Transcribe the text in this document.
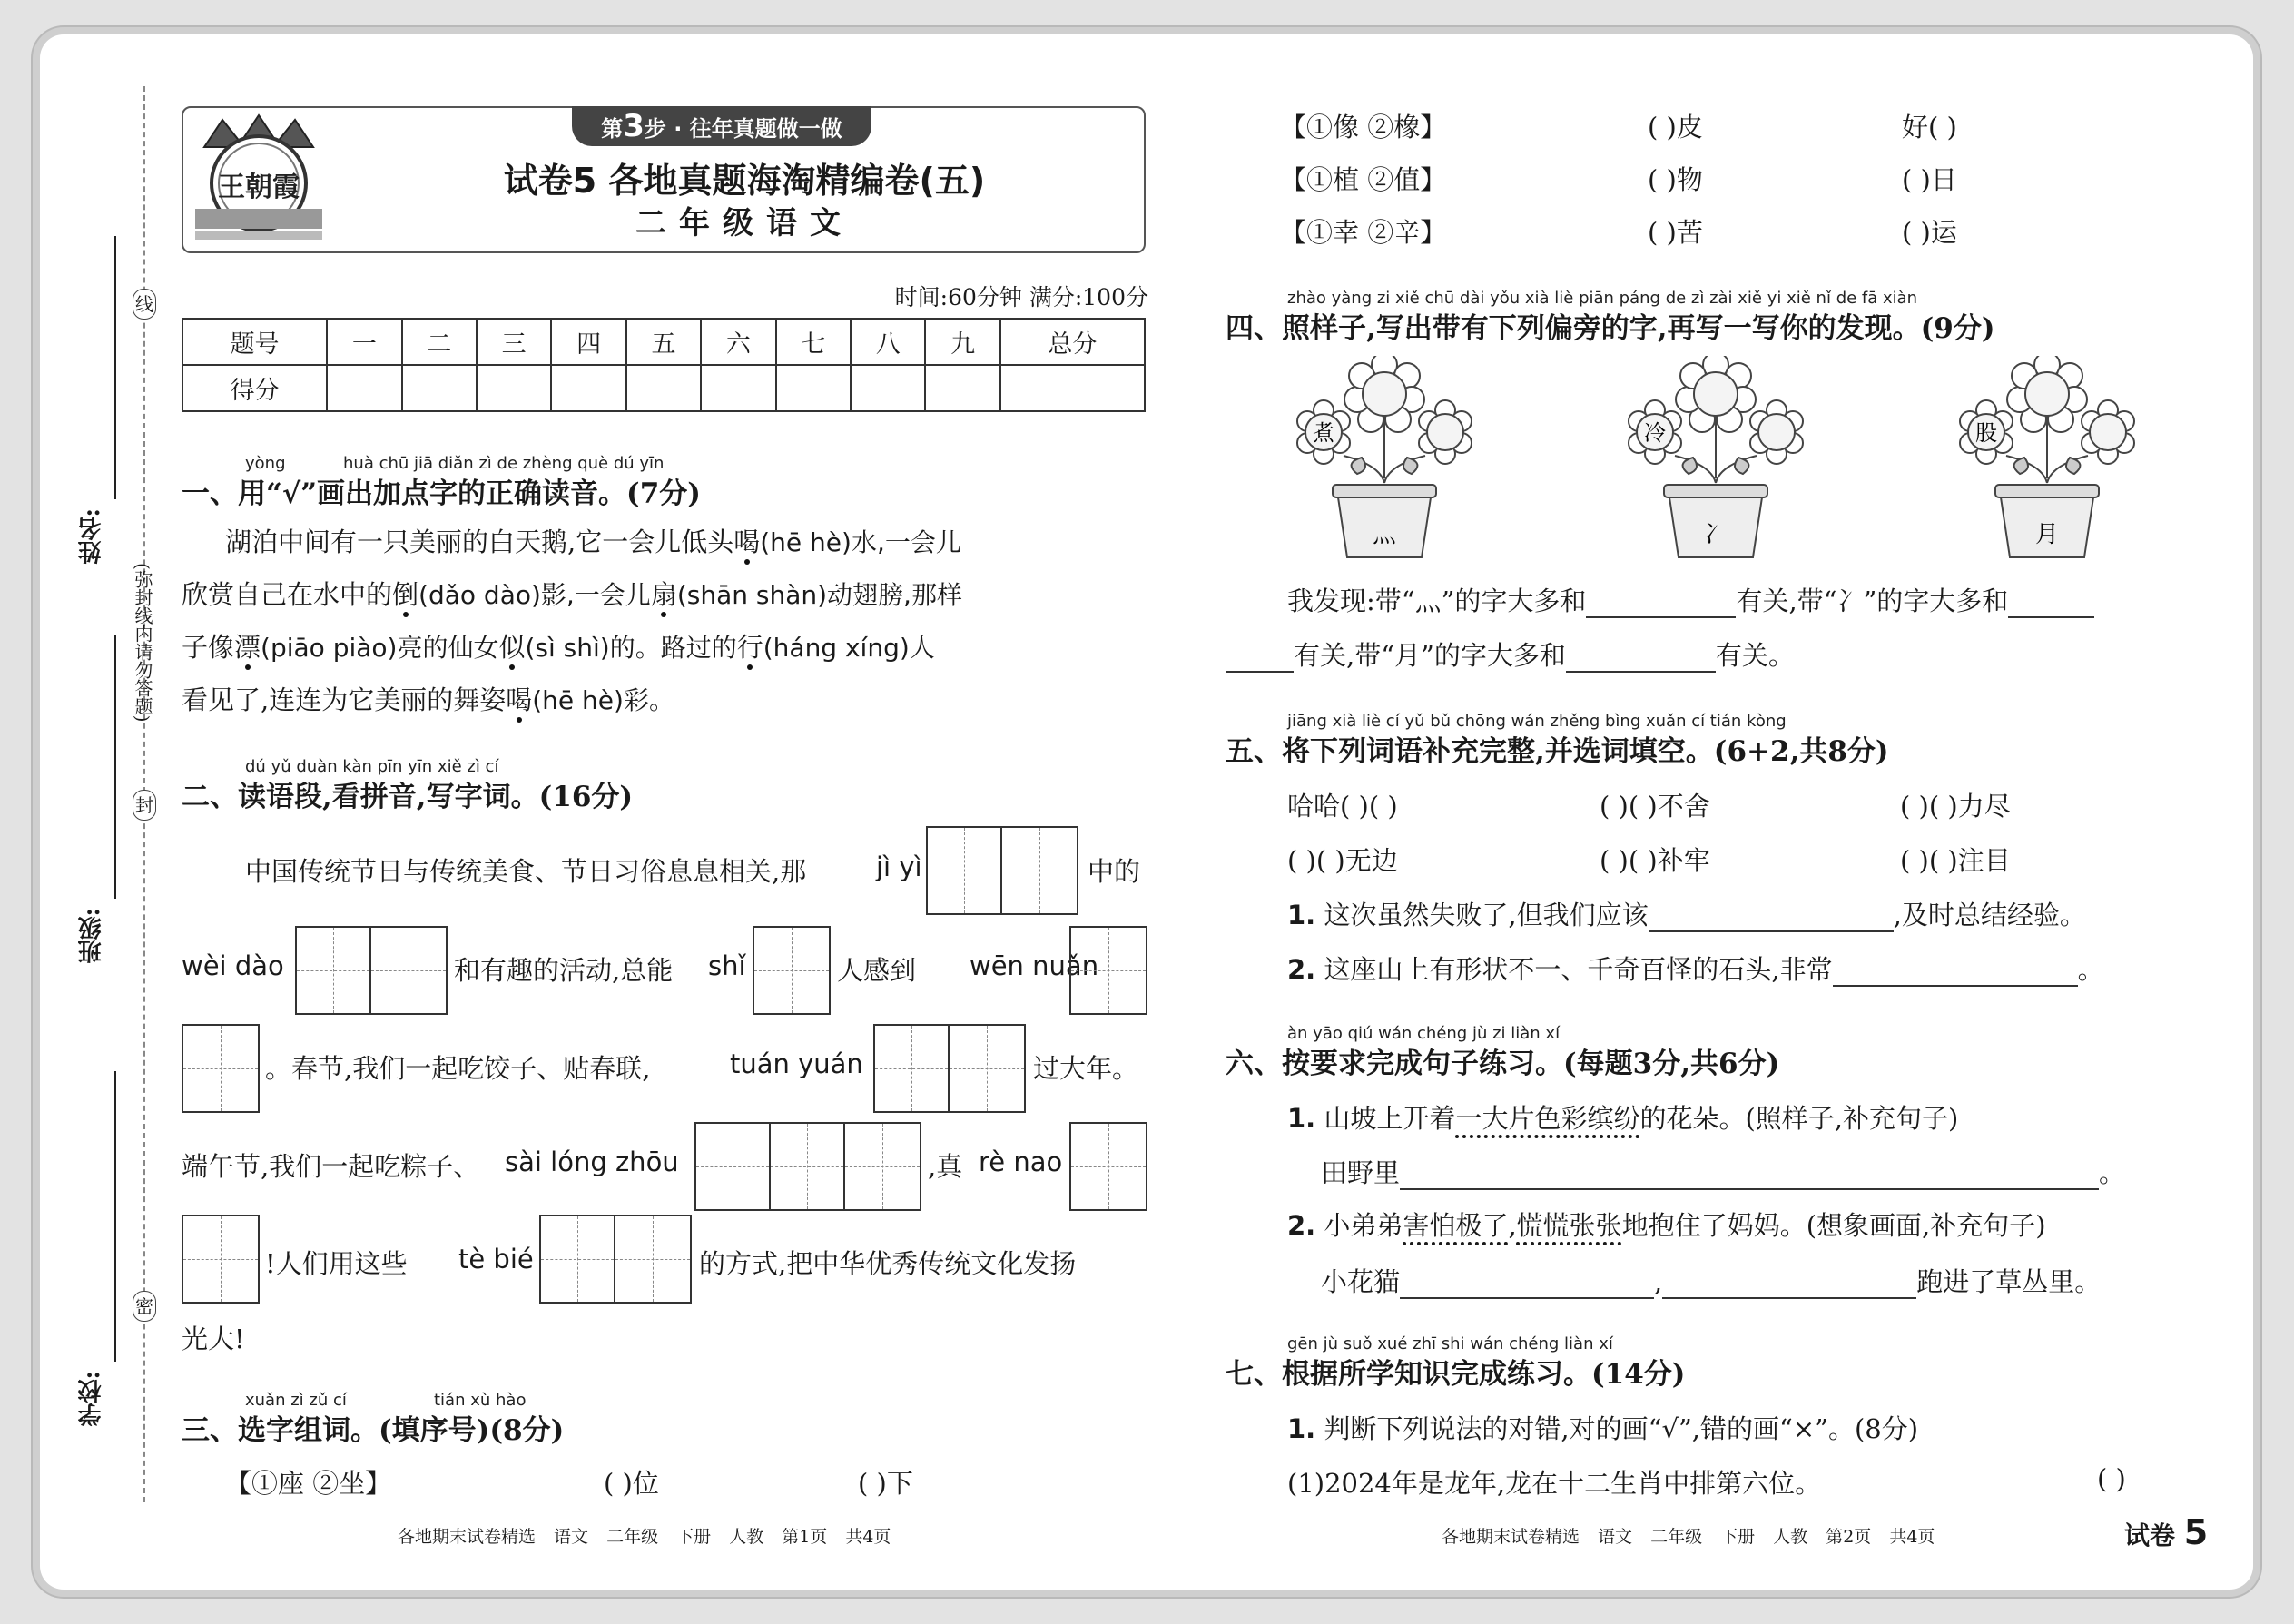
姓名:
班级:
学校:
线
封
密
(弥封线内请勿答题)
王朝霞
第3步 · 往年真题做一做
试卷5 各地真题海淘精编卷(五)
二年级语文
时间:60分钟 满分:100分
题号	一	二	三	四	五	六	七	八	九	总分
得分										
yòng	huà chū jiā diǎn zì de zhèng què dú yīn
一、用“√”画出加点字的正确读音。(7分)
湖泊中间有一只美丽的白天鹅,它一会儿低头喝(hē hè)水,一会儿
欣赏自己在水中的倒(dǎo dào)影,一会儿扇(shān shàn)动翅膀,那样
子像漂(piāo piào)亮的仙女似(sì shì)的。路过的行(háng xíng)人
看见了,连连为它美丽的舞姿喝(hē hè)彩。
dú yǔ duàn kàn pīn yīn xiě zì cí
二、读语段,看拼音,写字词。(16分)
中国传统节日与传统美食、节日习俗息息相关,那	jì yì	中的
wèi dào	和有趣的活动,总能 shǐ	人感到 wēn nuǎn
。春节,我们一起吃饺子、贴春联,	tuán yuán	过大年。
端午节,我们一起吃粽子、 sài lóng zhōu	,真 rè nao
!人们用这些 tè bié	的方式,把中华优秀传统文化发扬
光大!
xuǎn zì zǔ cí	tián xù hào
三、选字组词。(填序号)(8分)
【①座 ②坐】	( )位	( )下
【①像 ②橡】	( )皮	好( )
【①植 ②值】	( )物	( )日
【①幸 ②辛】	( )苦	( )运
zhào yàng zi xiě chū dài yǒu xià liè piān páng de zì zài xiě yi xiě nǐ de fā xiàn
四、照样子,写出带有下列偏旁的字,再写一写你的发现。(9分)
煮
灬
冷
冫
股
月
我发现:带“灬”的字大多和	有关,带“冫”的字大多和
有关,带“月”的字大多和	有关。
jiāng xià liè cí yǔ bǔ chōng wán zhěng bìng xuǎn cí tián kòng
五、将下列词语补充完整,并选词填空。(6+2,共8分)
哈哈( )( )	( )( )不舍	( )( )力尽
( )( )无边	( )( )补牢	( )( )注目
1. 这次虽然失败了,但我们应该	,及时总结经验。
2. 这座山上有形状不一、千奇百怪的石头,非常	。
àn yāo qiú wán chéng jù zi liàn xí
六、按要求完成句子练习。(每题3分,共6分)
1. 山坡上开着一大片色彩缤纷的花朵。(照样子,补充句子)
田野里	。
2. 小弟弟害怕极了,慌慌张张地抱住了妈妈。(想象画面,补充句子)
小花猫	,	跑进了草丛里。
gēn jù suǒ xué zhī shi wán chéng liàn xí
七、根据所学知识完成练习。(14分)
1. 判断下列说法的对错,对的画“√”,错的画“×”。(8分)
(1)2024年是龙年,龙在十二生肖中排第六位。	( )
各地期末试卷精选 语文 二年级 下册 人教 第1页 共4页	各地期末试卷精选 语文 二年级 下册 人教 第2页 共4页	试卷 5
